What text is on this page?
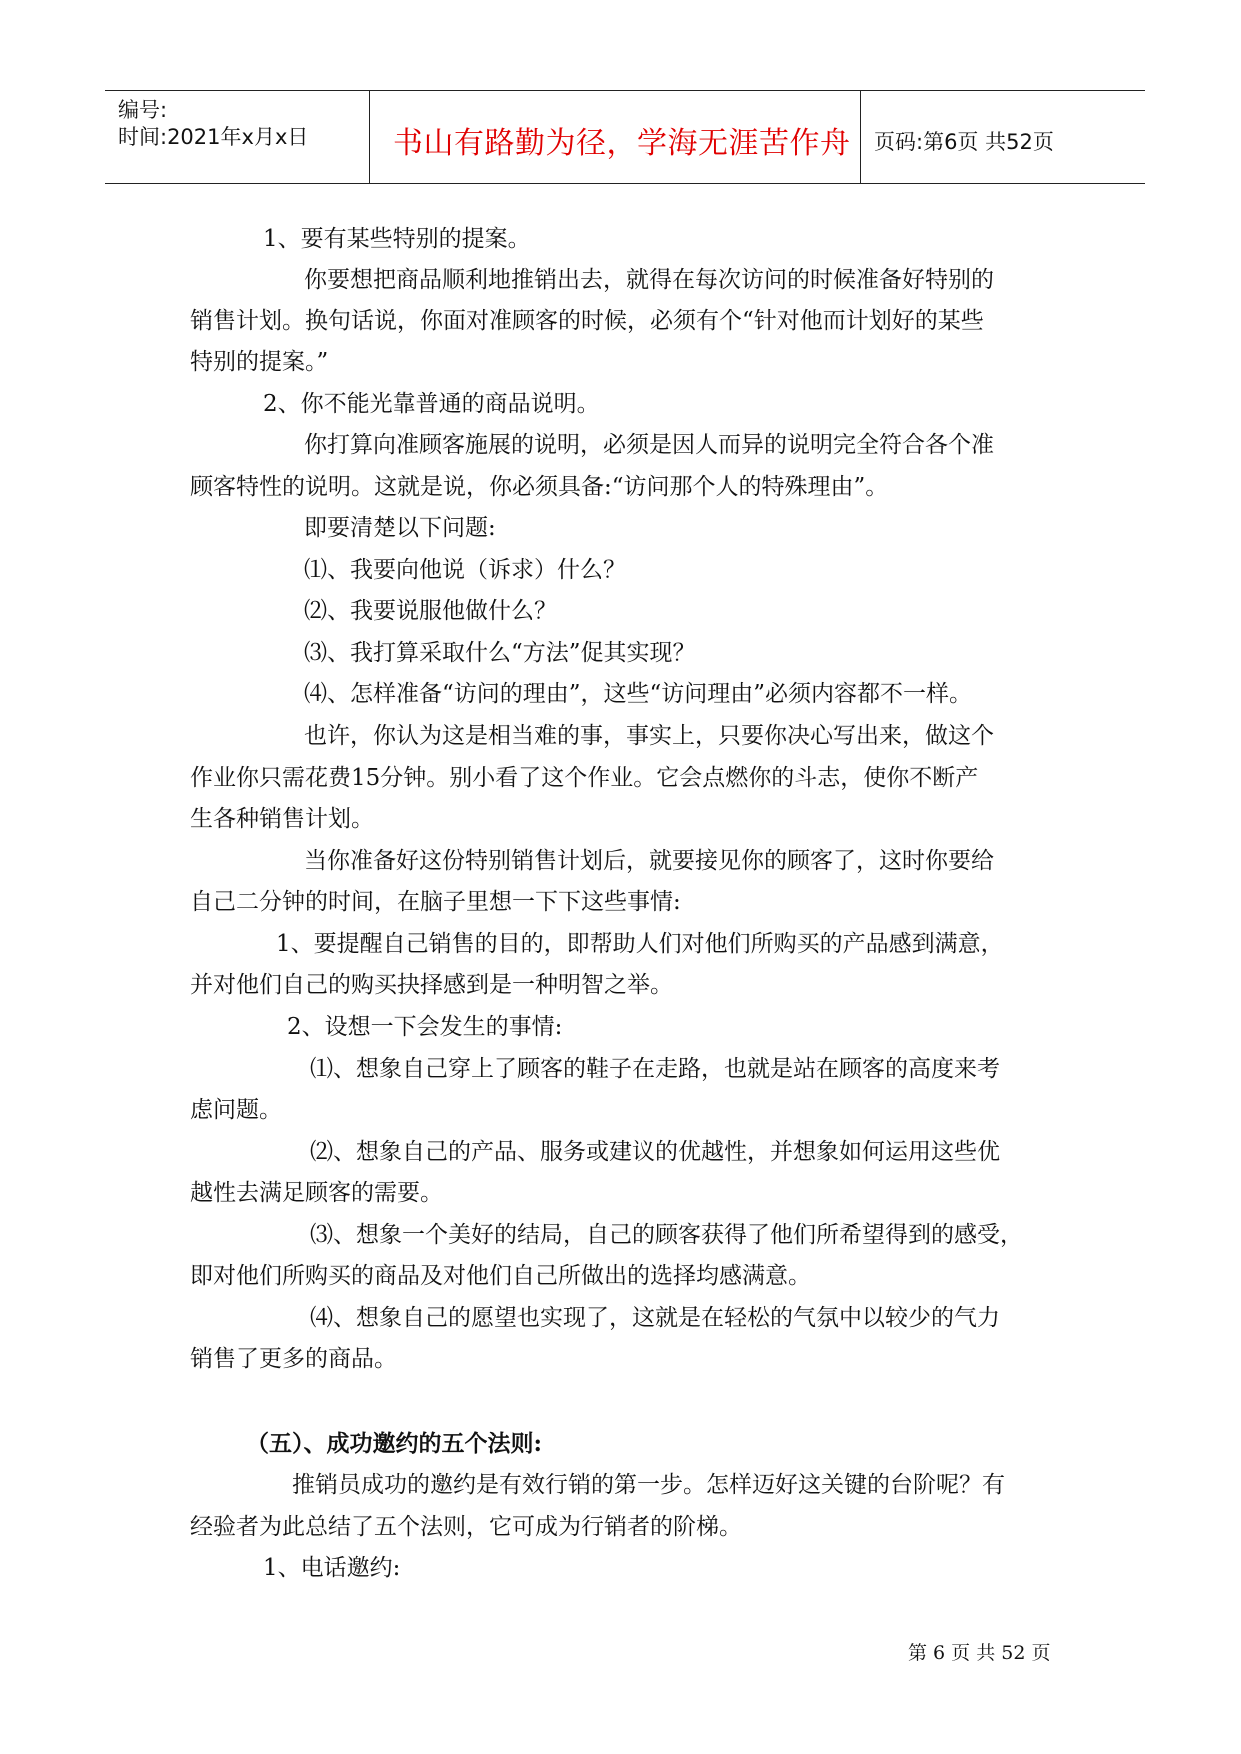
编号:
时间:2021年x月x日	书山有路勤为径，学海无涯苦作舟 页码:第6页 共52页
1、要有某些特别的提案。
你要想把商品顺利地推销出去，就得在每次访问的时候准备好特别的
销售计划。换句话说，你面对准顾客的时候，必须有个“针对他而计划好的某些
特别的提案。”
2、你不能光靠普通的商品说明。
你打算向准顾客施展的说明，必须是因人而异的说明完全符合各个准
顾客特性的说明。这就是说，你必须具备:“访问那个人的特殊理由”。
即要清楚以下问题:
⑴、我要向他说（诉求）什么？
⑵、我要说服他做什么？
⑶、我打算采取什么“方法”促其实现？
⑷、怎样准备“访问的理由”，这些“访问理由”必须内容都不一样。
也许，你认为这是相当难的事，事实上，只要你决心写出来，做这个
作业你只需花费15分钟。别小看了这个作业。它会点燃你的斗志，使你不断产
生各种销售计划。
当你准备好这份特别销售计划后，就要接见你的顾客了，这时你要给
自己二分钟的时间，在脑子里想一下下这些事情:
1、要提醒自己销售的目的，即帮助人们对他们所购买的产品感到满意，
并对他们自己的购买抉择感到是一种明智之举。
2、设想一下会发生的事情:
⑴、想象自己穿上了顾客的鞋子在走路，也就是站在顾客的高度来考
虑问题。
⑵、想象自己的产品、服务或建议的优越性，并想象如何运用这些优
越性去满足顾客的需要。
⑶、想象一个美好的结局，自己的顾客获得了他们所希望得到的感受，
即对他们所购买的商品及对他们自己所做出的选择均感满意。
⑷、想象自己的愿望也实现了，这就是在轻松的气氛中以较少的气力
销售了更多的商品。
（五）、成功邀约的五个法则:
推销员成功的邀约是有效行销的第一步。怎样迈好这关键的台阶呢？有
经验者为此总结了五个法则，它可成为行销者的阶梯。
1、电话邀约:
第 6 页 共 52 页
